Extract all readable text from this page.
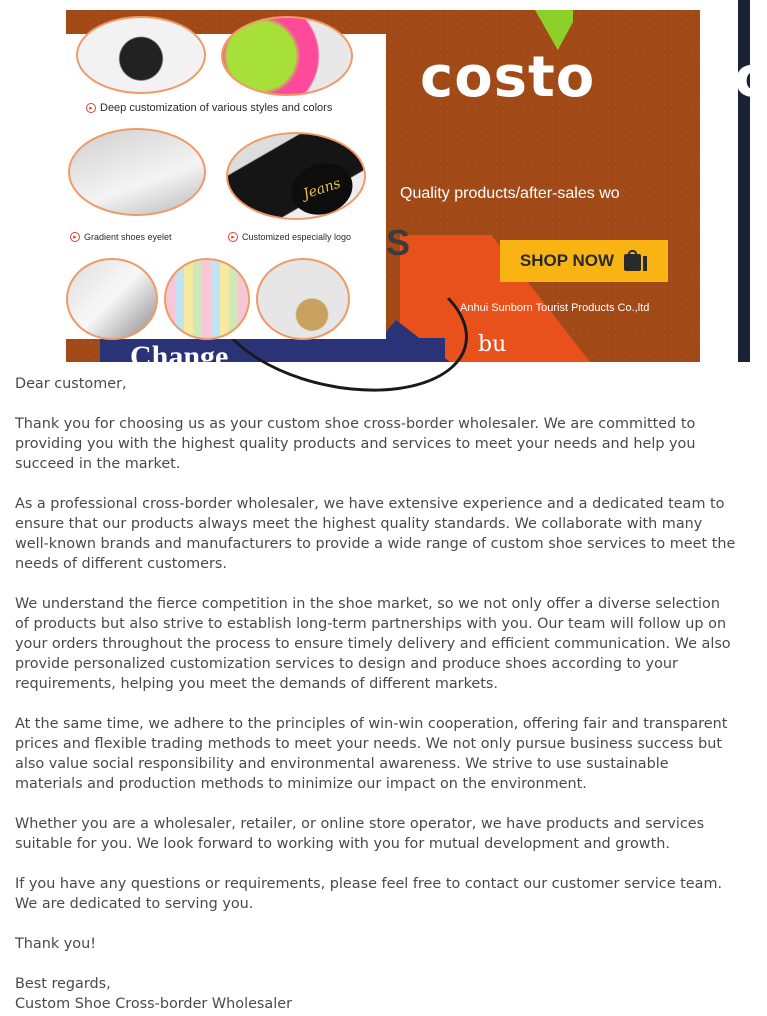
costo c
Quality products/after-sales wo
S
Change	bu
▸ Deep customization of various styles and colors
Jeans
▸ Gradient shoes eyelet	▸ Customized especially logo
SHOP NOW
Anhui Sunborn Tourist Products Co.,ltd

Dear customer,

Thank you for choosing us as your custom shoe cross-border wholesaler. We are committed to providing you with the highest quality products and services to meet your needs and help you succeed in the market.

As a professional cross-border wholesaler, we have extensive experience and a dedicated team to ensure that our products always meet the highest quality standards. We collaborate with many well-known brands and manufacturers to provide a wide range of custom shoe services to meet the needs of different customers.

We understand the fierce competition in the shoe market, so we not only offer a diverse selection of products but also strive to establish long-term partnerships with you. Our team will follow up on your orders throughout the process to ensure timely delivery and efficient communication. We also provide personalized customization services to design and produce shoes according to your requirements, helping you meet the demands of different markets.

At the same time, we adhere to the principles of win-win cooperation, offering fair and transparent prices and flexible trading methods to meet your needs. We not only pursue business success but also value social responsibility and environmental awareness. We strive to use sustainable materials and production methods to minimize our impact on the environment.

Whether you are a wholesaler, retailer, or online store operator, we have products and services suitable for you. We look forward to working with you for mutual development and growth.

If you have any questions or requirements, please feel free to contact our customer service team. We are dedicated to serving you.

Thank you!

Best regards,

Custom Shoe Cross-border Wholesaler
